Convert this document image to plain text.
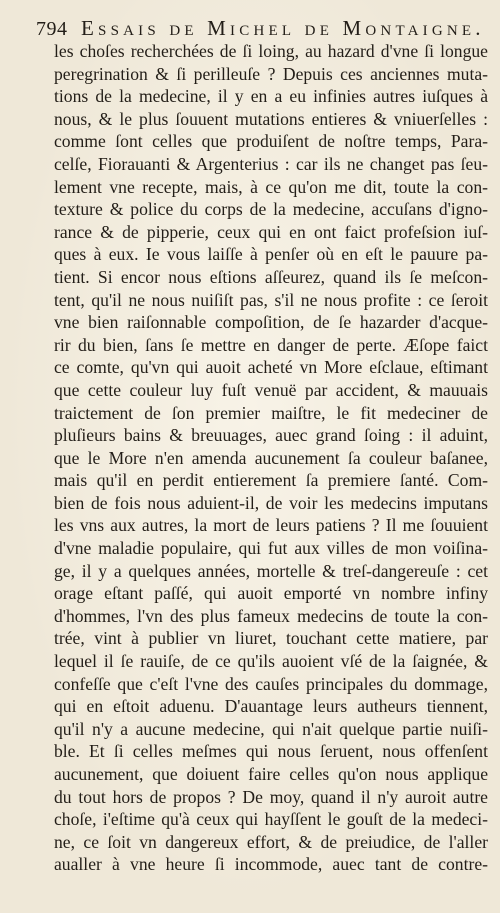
794 Essais de Michel de Montaigne.
les choſes recherchées de ſi loing, au hazard d'vne ſi longue
peregrination & ſi perilleuſe ? Depuis ces anciennes muta-
tions de la medecine, il y en a eu infinies autres iuſques à
nous, & le plus ſouuent mutations entieres & vniuerſelles :
comme ſont celles que produiſent de noſtre temps, Para-
celſe, Fiorauanti & Argenterius : car ils ne changet pas ſeu-
lement vne recepte, mais, à ce qu'on me dit, toute la con-
texture & police du corps de la medecine, accuſans d'igno-
rance & de pipperie, ceux qui en ont faict profeſsion iuſ-
ques à eux. Ie vous laiſſe à penſer où en eſt le pauure pa-
tient. Si encor nous eſtions aſſeurez, quand ils ſe meſcon-
tent, qu'il ne nous nuiſiſt pas, s'il ne nous profite : ce ſeroit
vne bien raiſonnable compoſition, de ſe hazarder d'acque-
rir du bien, ſans ſe mettre en danger de perte. Æſope faict
ce comte, qu'vn qui auoit acheté vn More eſclaue, eſtimant
que cette couleur luy fuſt venuë par accident, & mauuais
traictement de ſon premier maiſtre, le fit medeciner de
pluſieurs bains & breuuages, auec grand ſoing : il aduint,
que le More n'en amenda aucunement ſa couleur baſanee,
mais qu'il en perdit entierement ſa premiere ſanté. Com-
bien de fois nous aduient-il, de voir les medecins imputans
les vns aux autres, la mort de leurs patiens ? Il me ſouuient
d'vne maladie populaire, qui fut aux villes de mon voiſina-
ge, il y a quelques années, mortelle & treſ-dangereuſe : cet
orage eſtant paſſé, qui auoit emporté vn nombre infiny
d'hommes, l'vn des plus fameux medecins de toute la con-
trée, vint à publier vn liuret, touchant cette matiere, par
lequel il ſe rauiſe, de ce qu'ils auoient vſé de la ſaignée, &
confeſſe que c'eſt l'vne des cauſes principales du dommage,
qui en eſtoit aduenu. D'auantage leurs autheurs tiennent,
qu'il n'y a aucune medecine, qui n'ait quelque partie nuiſi-
ble. Et ſi celles meſmes qui nous ſeruent, nous offenſent
aucunement, que doiuent faire celles qu'on nous applique
du tout hors de propos ? De moy, quand il n'y auroit autre
choſe, i'eſtime qu'à ceux qui hayſſent le gouſt de la medeci-
ne, ce ſoit vn dangereux effort, & de preiudice, de l'aller
aualler à vne heure ſi incommode, auec tant de contre-
